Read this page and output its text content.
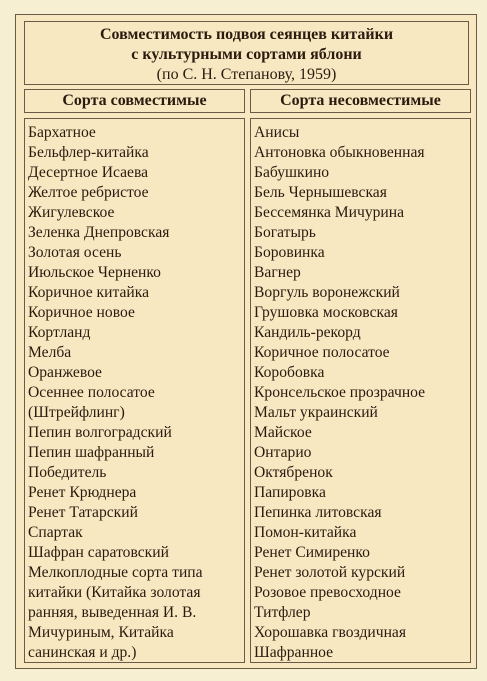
Совместимость подвоя сеянцев китайки
с культурными сортами яблони
(по С. Н. Степанову, 1959)
Сорта совместимые	Сорта несовместимые
Бархатное
Бельфлер-китайка
Десертное Исаева
Желтое ребристое
Жигулевское
Зеленка Днепровская
Золотая осень
Июльское Черненко
Коричное китайка
Коричное новое
Кортланд
Мелба
Оранжевое
Осеннее полосатое
(Штрейфлинг)
Пепин волгоградский
Пепин шафранный
Победитель
Ренет Крюднера
Ренет Татарский
Спартак
Шафран саратовский
Мелкоплодные сорта типа
китайки (Китайка золотая
ранняя, выведенная И. В.
Мичуриным, Китайка
санинская и др.)
Анисы
Антоновка обыкновенная
Бабушкино
Бель Чернышевская
Бессемянка Мичурина
Богатырь
Боровинка
Вагнер
Воргуль воронежский
Грушовка московская
Кандиль-рекорд
Коричное полосатое
Коробовка
Кронсельское прозрачное
Мальт украинский
Майское
Онтарио
Октябренок
Папировка
Пепинка литовская
Помон-китайка
Ренет Симиренко
Ренет золотой курский
Розовое превосходное
Титфлер
Хорошавка гвоздичная
Шафранное
